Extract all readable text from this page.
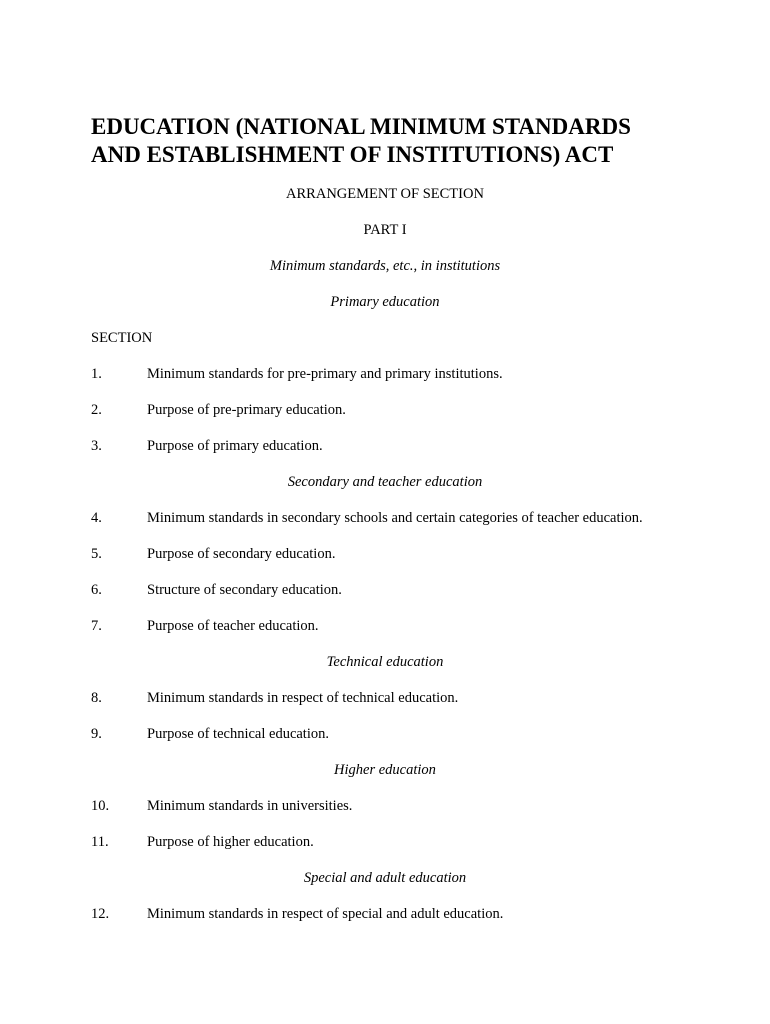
EDUCATION (NATIONAL MINIMUM STANDARDS AND ESTABLISHMENT OF INSTITUTIONS) ACT

ARRANGEMENT OF SECTION

PART I

Minimum standards, etc., in institutions

Primary education

SECTION

1.	Minimum standards for pre-primary and primary institutions.
2.	Purpose of pre-primary education.
3.	Purpose of primary education.

Secondary and teacher education

4.	Minimum standards in secondary schools and certain categories of teacher education.
5.	Purpose of secondary education.
6.	Structure of secondary education.
7.	Purpose of teacher education.

Technical education

8.	Minimum standards in respect of technical education.
9.	Purpose of technical education.

Higher education

10.	Minimum standards in universities.
11.	Purpose of higher education.

Special and adult education

12.	Minimum standards in respect of special and adult education.
